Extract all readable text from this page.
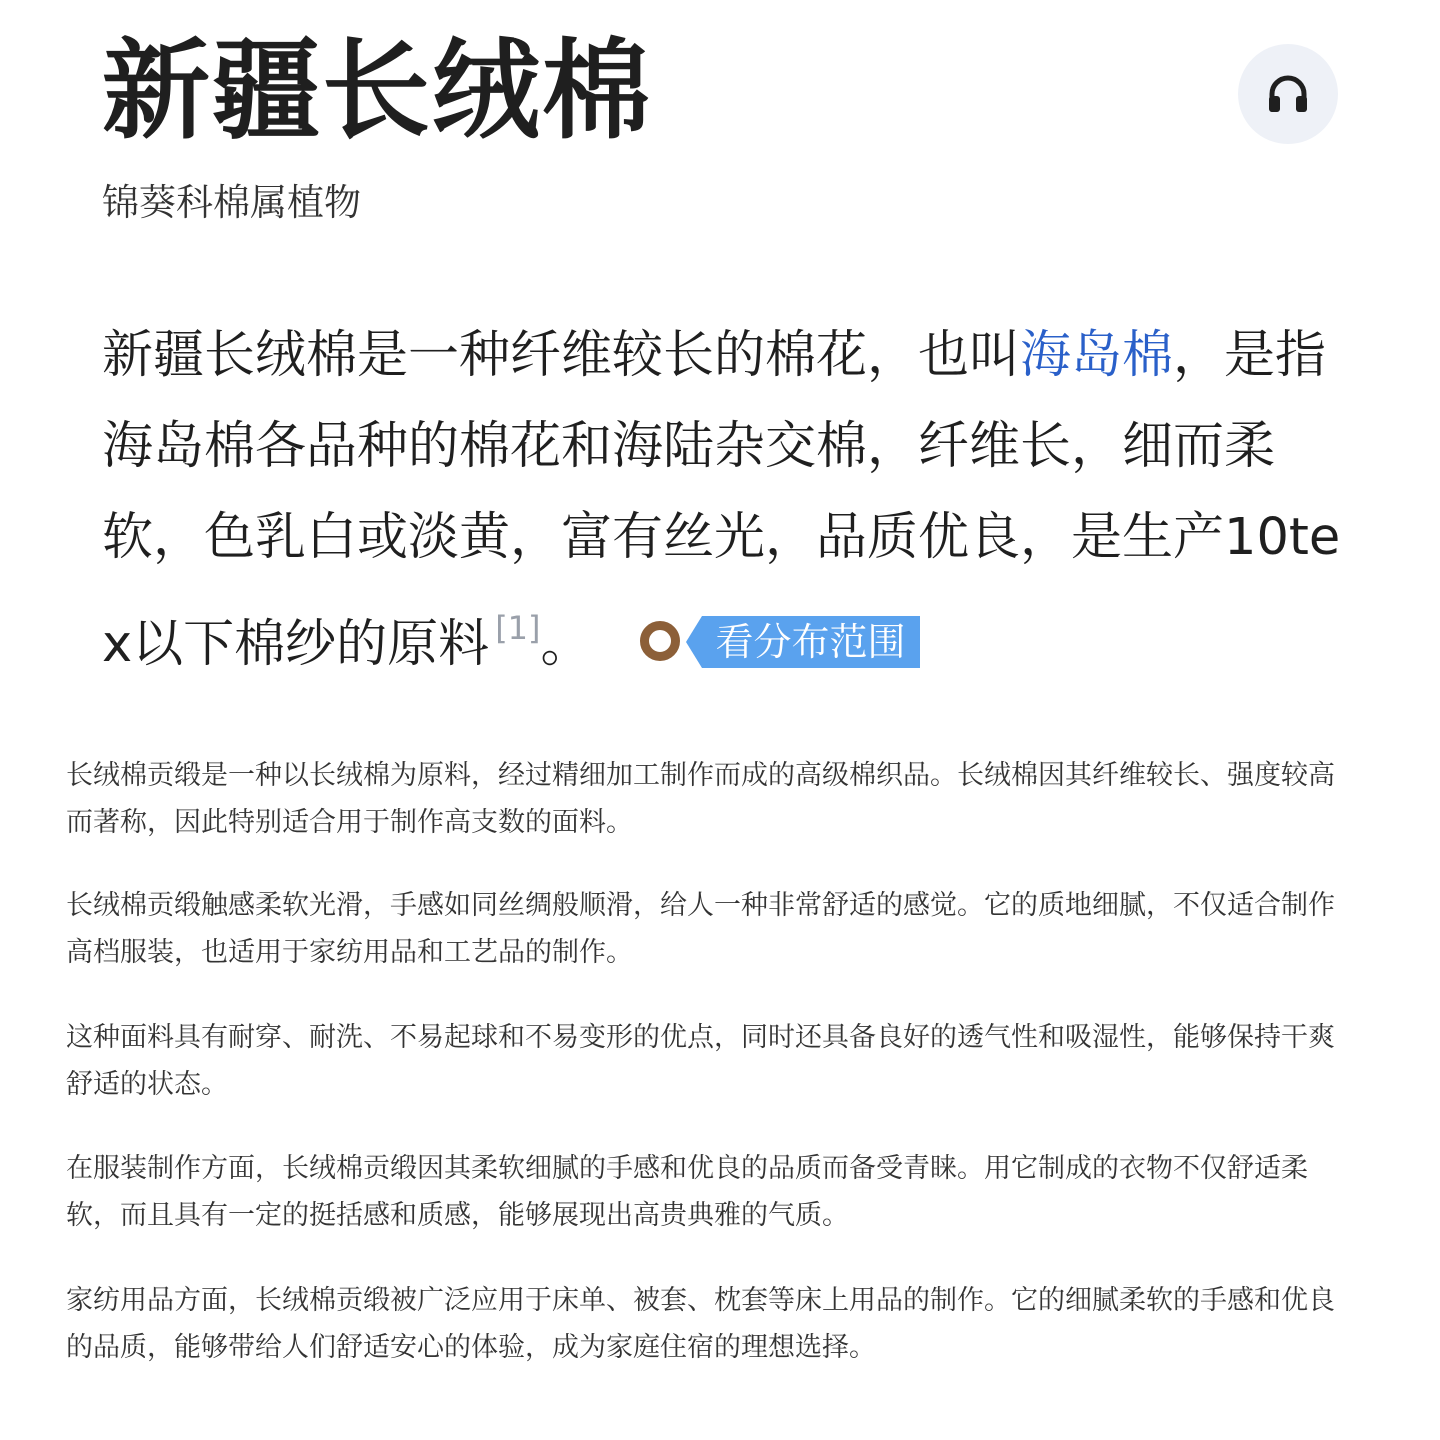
新疆长绒棉

锦葵科棉属植物

新疆长绒棉是一种纤维较长的棉花，也叫海岛棉，是指海岛棉各品种的棉花和海陆杂交棉，纤维长，细而柔软，色乳白或淡黄，富有丝光，品质优良，是生产10tex以下棉纱的原料 [1]。	看分布范围

长绒棉贡缎是一种以长绒棉为原料，经过精细加工制作而成的高级棉织品。长绒棉因其纤维较长、强度较高而著称，因此特别适合用于制作高支数的面料。

长绒棉贡缎触感柔软光滑，手感如同丝绸般顺滑，给人一种非常舒适的感觉。它的质地细腻，不仅适合制作高档服装，也适用于家纺用品和工艺品的制作。

这种面料具有耐穿、耐洗、不易起球和不易变形的优点，同时还具备良好的透气性和吸湿性，能够保持干爽舒适的状态。

在服装制作方面，长绒棉贡缎因其柔软细腻的手感和优良的品质而备受青睐。用它制成的衣物不仅舒适柔软，而且具有一定的挺括感和质感，能够展现出高贵典雅的气质。

家纺用品方面，长绒棉贡缎被广泛应用于床单、被套、枕套等床上用品的制作。它的细腻柔软的手感和优良的品质，能够带给人们舒适安心的体验，成为家庭住宿的理想选择。
